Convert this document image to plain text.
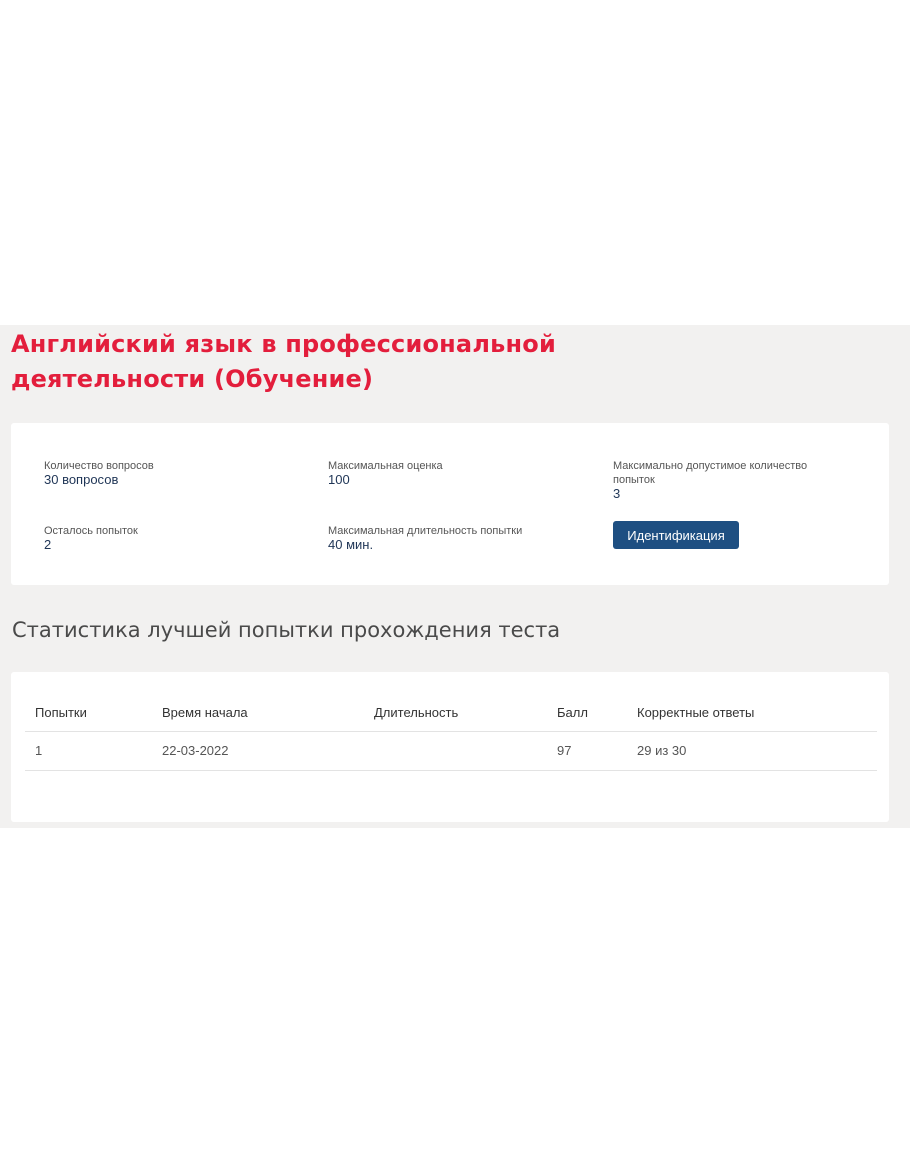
Английский язык в профессиональной деятельности (Обучение)
Количество вопросов
30 вопросов
Максимальная оценка
100
Максимально допустимое количество попыток
3
Осталось попыток
2
Максимальная длительность попытки
40 мин.
Идентификация
Статистика лучшей попытки прохождения теста
Попытки	Время начала	Длительность	Балл	Корректные ответы
1	22-03-2022		97	29 из 30
